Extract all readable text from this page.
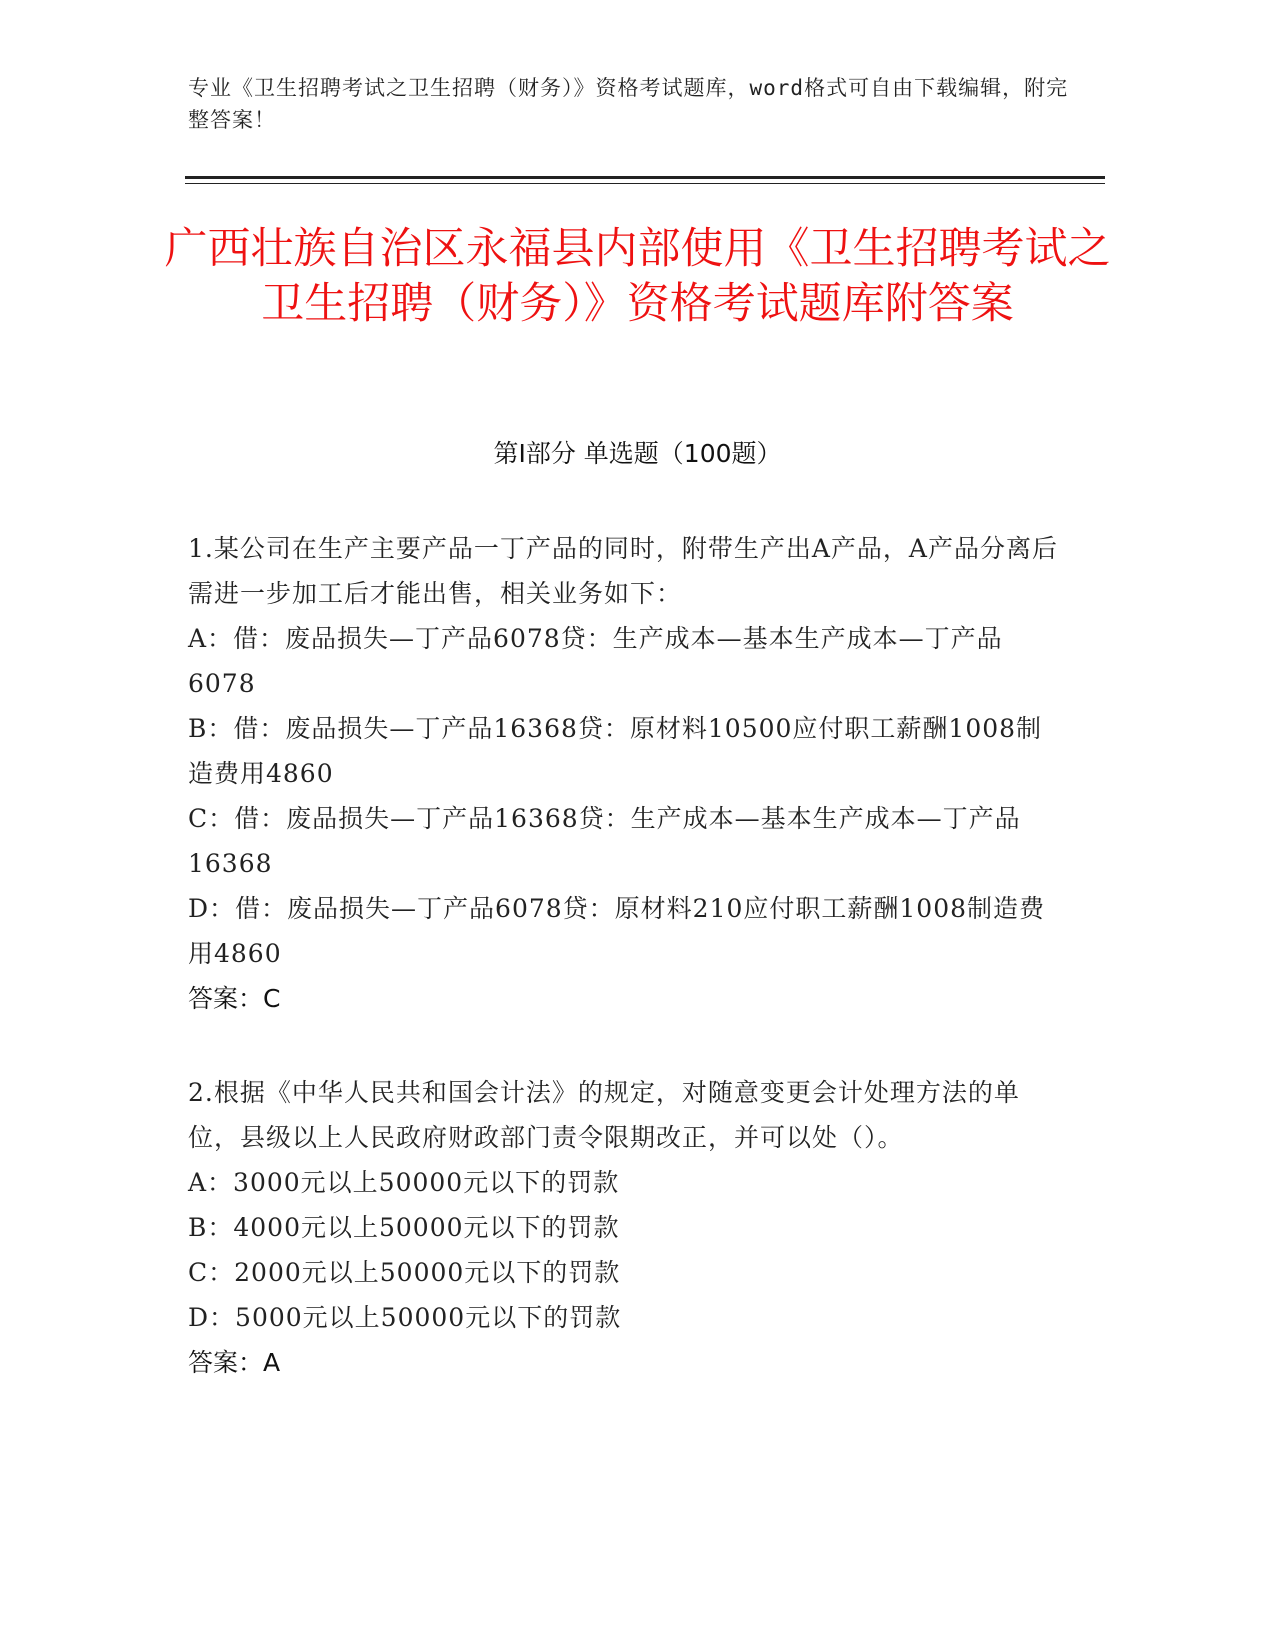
专业《卫生招聘考试之卫生招聘（财务）》资格考试题库，word格式可自由下载编辑，附完整答案！
广西壮族自治区永福县内部使用《卫生招聘考试之卫生招聘（财务）》资格考试题库附答案
第I部分 单选题（100题）

1.某公司在生产主要产品一丁产品的同时，附带生产出A产品，A产品分离后需进一步加工后才能出售，相关业务如下：

A：借：废品损失—丁产品6078贷：生产成本—基本生产成本—丁产品6078

B：借：废品损失—丁产品16368贷：原材料10500应付职工薪酬1008制造费用4860

C：借：废品损失—丁产品16368贷：生产成本—基本生产成本—丁产品16368

D：借：废品损失—丁产品6078贷：原材料210应付职工薪酬1008制造费用4860

答案：C

2.根据《中华人民共和国会计法》的规定，对随意变更会计处理方法的单位，县级以上人民政府财政部门责令限期改正，并可以处（）。

A：3000元以上50000元以下的罚款

B：4000元以上50000元以下的罚款

C：2000元以上50000元以下的罚款

D：5000元以上50000元以下的罚款

答案：A
